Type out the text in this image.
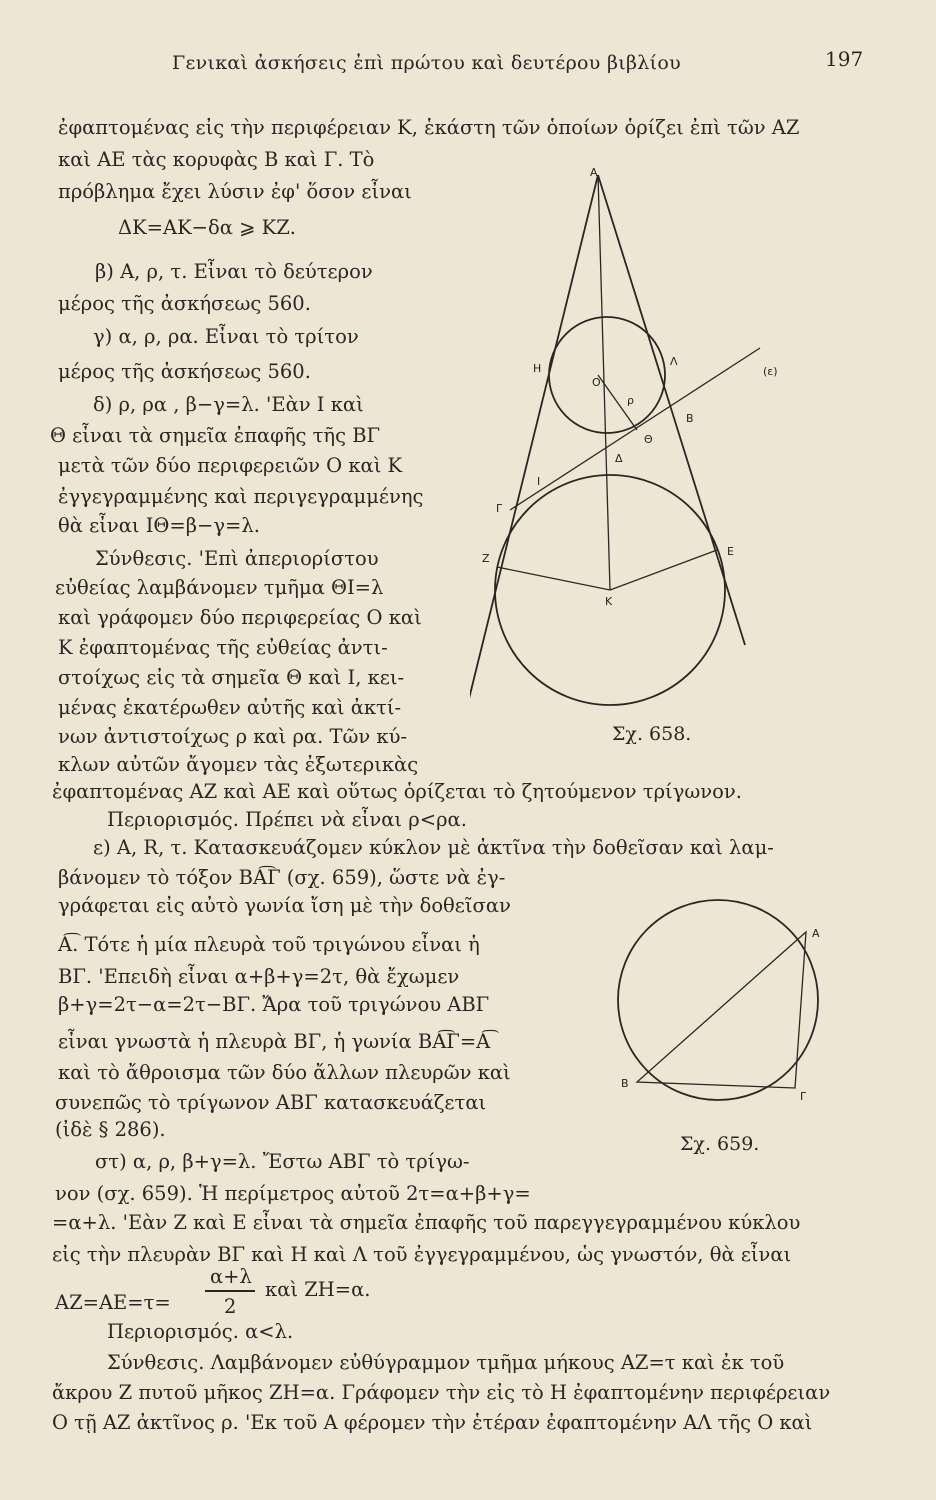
Γενικαὶ ἀσκήσεις ἐπὶ πρώτου καὶ δευτέρου βιβλίου	197
ἐφαπτομένας εἰς τὴν περιφέρειαν Κ, ἑκάστη τῶν ὁποίων ὁρίζει ἐπὶ τῶν ΑΖ
καὶ ΑΕ τὰς κορυφὰς Β καὶ Γ. Τὸ
πρόβλημα ἔχει λύσιν ἐφ' ὅσον εἶναι
ΔΚ=ΑΚ−δα ⩾ ΚΖ.
β) Α, ρ, τ. Εἶναι τὸ δεύτερον
μέρος τῆς ἀσκήσεως 560.
γ) α, ρ, ρα. Εἶναι τὸ τρίτον
μέρος τῆς ἀσκήσεως 560.
δ) ρ, ρα , β−γ=λ. 'Εὰν Ι καὶ
Θ εἶναι τὰ σημεῖα ἐπαφῆς τῆς ΒΓ
μετὰ τῶν δύο περιφερειῶν Ο καὶ Κ
ἐγγεγραμμένης καὶ περιγεγραμμένης
θὰ εἶναι ΙΘ=β−γ=λ.
Σύνθεσις. 'Επὶ ἀπεριορίστου
εὐθείας λαμβάνομεν τμῆμα ΘΙ=λ
καὶ γράφομεν δύο περιφερείας Ο καὶ
Κ ἐφαπτομένας τῆς εὐθείας ἀντι-
στοίχως εἰς τὰ σημεῖα Θ καὶ Ι, κει-
μένας ἑκατέρωθεν αὐτῆς καὶ ἀκτί-
νων ἀντιστοίχως ρ καὶ ρα. Τῶν κύ-
κλων αὐτῶν ἄγομεν τὰς ἐξωτερικὰς
ἐφαπτομένας ΑΖ καὶ ΑΕ καὶ οὕτως ὁρίζεται τὸ ζητούμενον τρίγωνον.
Περιορισμός. Πρέπει νὰ εἶναι ρ<ρα.
ε) Α, R, τ. Κατασκευάζομεν κύκλον μὲ ἀκτῖνα τὴν δοθεῖσαν καὶ λαμ-
βάνομεν τὸ τόξον ΒΑ͡Γ (σχ. 659), ὥστε νὰ ἐγ-
γράφεται εἰς αὐτὸ γωνία ἴση μὲ τὴν δοθεῖσαν
Α͡. Τότε ἡ μία πλευρὰ τοῦ τριγώνου εἶναι ἡ
ΒΓ. 'Επειδὴ εἶναι α+β+γ=2τ, θὰ ἔχωμεν
β+γ=2τ−α=2τ−ΒΓ. Ἄρα τοῦ τριγώνου ΑΒΓ
εἶναι γνωστὰ ἡ πλευρὰ ΒΓ, ἡ γωνία ΒΑ͡Γ=Α͡
καὶ τὸ ἄθροισμα τῶν δύο ἄλλων πλευρῶν καὶ
συνεπῶς τὸ τρίγωνον ΑΒΓ κατασκευάζεται
(ἰδὲ § 286).
στ) α, ρ, β+γ=λ. Ἔστω ΑΒΓ τὸ τρίγω-
νον (σχ. 659). Ἡ περίμετρος αὐτοῦ 2τ=α+β+γ=
=α+λ. 'Εὰν Ζ καὶ Ε εἶναι τὰ σημεῖα ἐπαφῆς τοῦ παρεγγεγραμμένου κύκλου
εἰς τὴν πλευρὰν ΒΓ καὶ Η καὶ Λ τοῦ ἐγγεγραμμένου, ὡς γνωστόν, θὰ εἶναι
ΑΖ=ΑΕ=τ=
α+λ
2
καὶ ΖΗ=α.
Περιορισμός. α<λ.
Σύνθεσις. Λαμβάνομεν εὐθύγραμμον τμῆμα μήκους ΑΖ=τ καὶ ἐκ τοῦ
ἄκρου Ζ πυτοῦ μῆκος ΖΗ=α. Γράφομεν τὴν εἰς τὸ Η ἐφαπτομένην περιφέρειαν
Ο τῇ ΑΖ ἀκτῖνος ρ. 'Εκ τοῦ Α φέρομεν τὴν ἑτέραν ἐφαπτομένην ΑΛ τῆς Ο καὶ
Α
Η
Ο
ρ
Λ
(ε)
Β
Θ
Δ
Ι
Γ
Ζ
Ε
Κ
Σχ. 658.
Α
Β
Γ
Σχ. 659.
